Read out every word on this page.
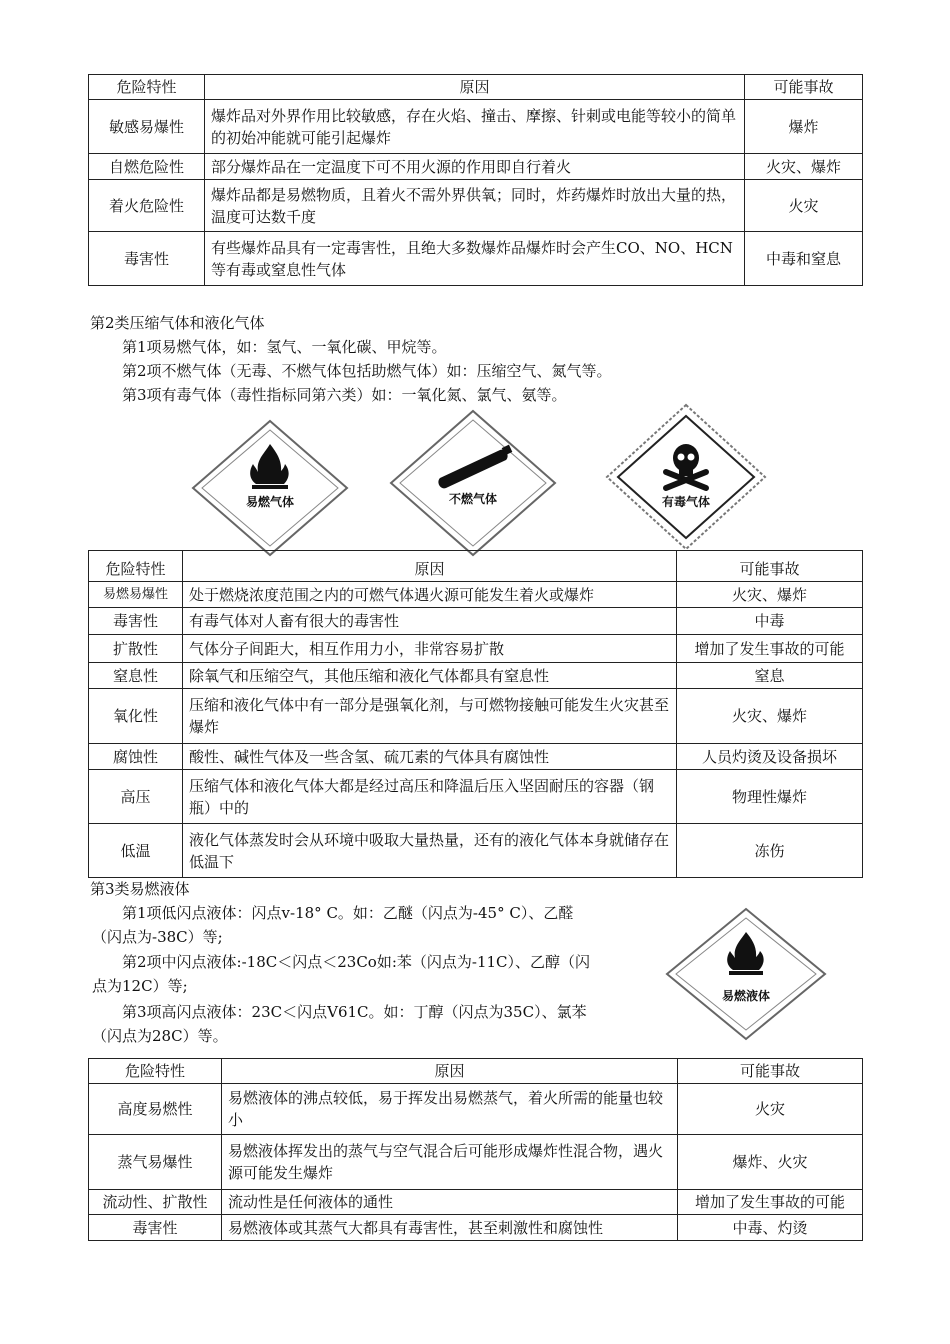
危险特性	原因	可能事故
敏感易爆性	爆炸品对外界作用比较敏感，存在火焰、撞击、摩擦、针刺或电能等较小的简单的初始冲能就可能引起爆炸	爆炸
自燃危险性	部分爆炸品在一定温度下可不用火源的作用即自行着火	火灾、爆炸
着火危险性	爆炸品都是易燃物质，且着火不需外界供氧；同时，炸药爆炸时放出大量的热，温度可达数千度	火灾
毒害性	有些爆炸品具有一定毒害性，且绝大多数爆炸品爆炸时会产生CO、NO、HCN等有毒或窒息性气体	中毒和窒息
第2类压缩气体和液化气体
第1项易燃气体，如：氢气、一氧化碳、甲烷等。
第2项不燃气体（无毒、不燃气体包括助燃气体）如：压缩空气、氮气等。
第3项有毒气体（毒性指标同第六类）如：一氧化氮、氯气、氨等。
易燃气体	不燃气体	有毒气体
危险特性	原因	可能事故
易燃易爆性	处于燃烧浓度范围之内的可燃气体遇火源可能发生着火或爆炸	火灾、爆炸
毒害性	有毒气体对人畜有很大的毒害性	中毒
扩散性	气体分子间距大，相互作用力小，非常容易扩散	增加了发生事故的可能
窒息性	除氧气和压缩空气，其他压缩和液化气体都具有窒息性	窒息
氧化性	压缩和液化气体中有一部分是强氧化剂，与可燃物接触可能发生火灾甚至爆炸	火灾、爆炸
腐蚀性	酸性、碱性气体及一些含氢、硫兀素的气体具有腐蚀性	人员灼烫及设备损坏
高压	压缩气体和液化气体大都是经过高压和降温后压入坚固耐压的容器（钢瓶）中的	物理性爆炸
低温	液化气体蒸发时会从环境中吸取大量热量，还有的液化气体本身就储存在低温下	冻伤
第3类易燃液体
第1项低闪点液体：闪点v-18° C。如：乙醚（闪点为-45° C）、乙醛
（闪点为-38C）等;
第2项中闪点液体:-18C＜闪点＜23Co如:苯（闪点为-11C）、乙醇（闪
点为12C）等;
第3项高闪点液体：23C＜闪点V61C。如：丁醇（闪点为35C）、氯苯
（闪点为28C）等。
易燃液体
危险特性	原因	可能事故
高度易燃性	易燃液体的沸点较低，易于挥发出易燃蒸气，着火所需的能量也较小	火灾
蒸气易爆性	易燃液体挥发出的蒸气与空气混合后可能形成爆炸性混合物，遇火源可能发生爆炸	爆炸、火灾
流动性、扩散性	流动性是任何液体的通性	增加了发生事故的可能
毒害性	易燃液体或其蒸气大都具有毒害性，甚至刺激性和腐蚀性	中毒、灼烫
